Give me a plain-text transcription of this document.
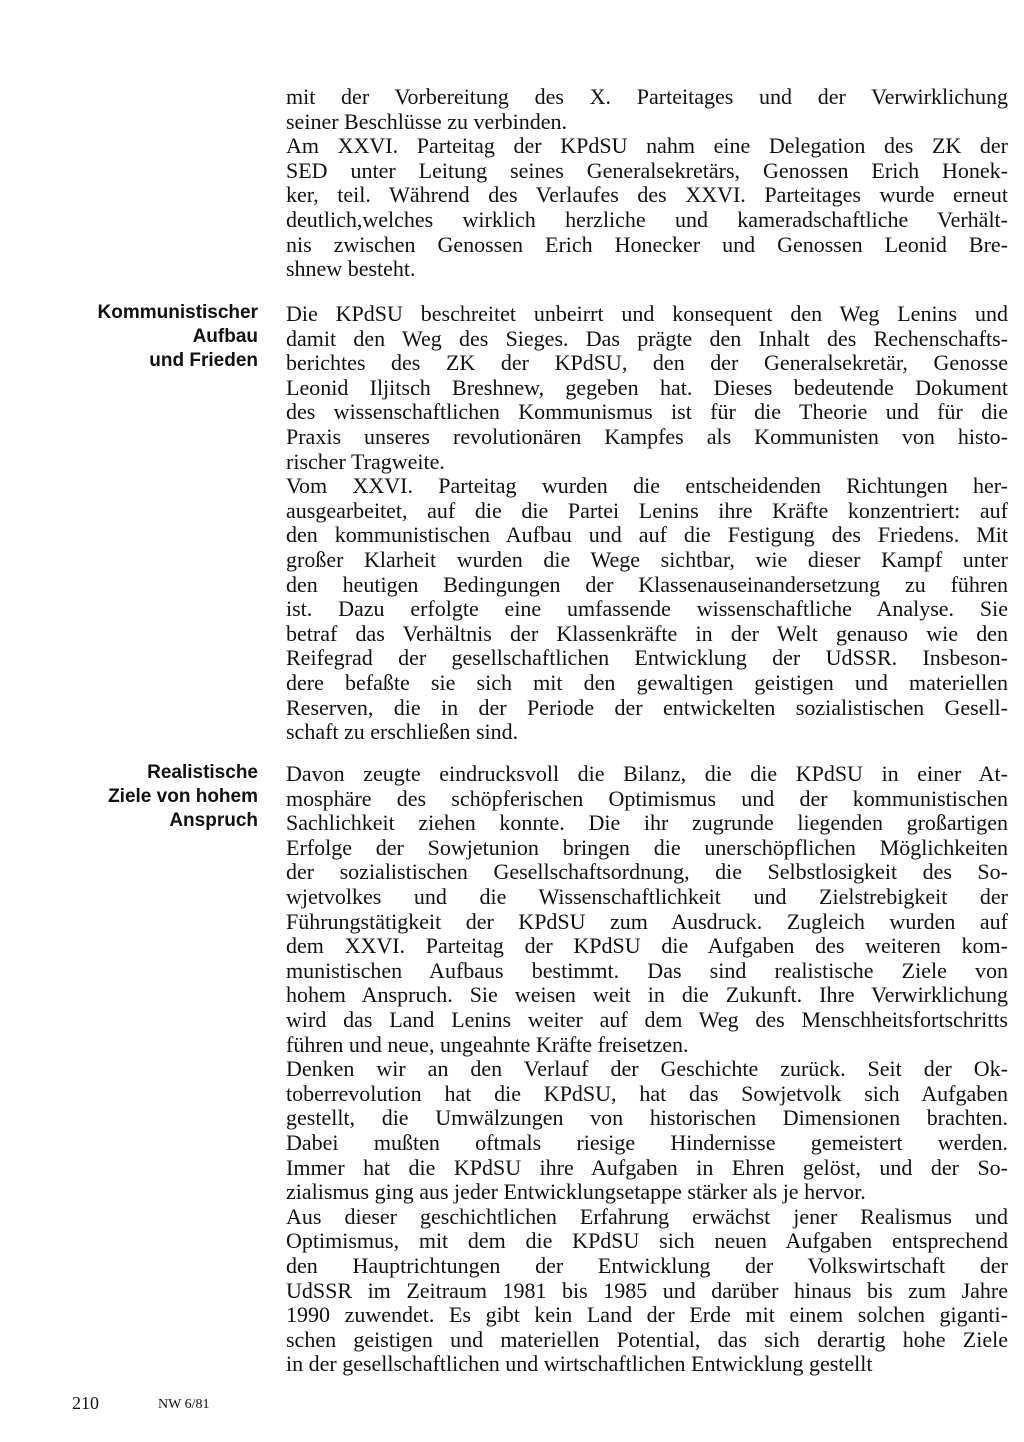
mit der Vorbereitung des X. Parteitages und der Verwirklichung
seiner Beschlüsse zu verbinden.
Am XXVI. Parteitag der KPdSU nahm eine Delegation des ZK der
SED unter Leitung seines Generalsekretärs, Genossen Erich Honek-
ker, teil. Während des Verlaufes des XXVI. Parteitages wurde erneut
deutlich,welches wirklich herzliche und kameradschaftliche Verhält-
nis zwischen Genossen Erich Honecker und Genossen Leonid Bre-
shnew besteht.
Kommunistischer
Aufbau
und Frieden
Die KPdSU beschreitet unbeirrt und konsequent den Weg Lenins und
damit den Weg des Sieges. Das prägte den Inhalt des Rechenschafts-
berichtes des ZK der KPdSU, den der Generalsekretär, Genosse
Leonid Iljitsch Breshnew, gegeben hat. Dieses bedeutende Dokument
des wissenschaftlichen Kommunismus ist für die Theorie und für die
Praxis unseres revolutionären Kampfes als Kommunisten von histo-
rischer Tragweite.
Vom XXVI. Parteitag wurden die entscheidenden Richtungen her-
ausgearbeitet, auf die die Partei Lenins ihre Kräfte konzentriert: auf
den kommunistischen Aufbau und auf die Festigung des Friedens. Mit
großer Klarheit wurden die Wege sichtbar, wie dieser Kampf unter
den heutigen Bedingungen der Klassenauseinandersetzung zu führen
ist. Dazu erfolgte eine umfassende wissenschaftliche Analyse. Sie
betraf das Verhältnis der Klassenkräfte in der Welt genauso wie den
Reifegrad der gesellschaftlichen Entwicklung der UdSSR. Insbeson-
dere befaßte sie sich mit den gewaltigen geistigen und materiellen
Reserven, die in der Periode der entwickelten sozialistischen Gesell-
schaft zu erschließen sind.
Realistische
Ziele von hohem
Anspruch
Davon zeugte eindrucksvoll die Bilanz, die die KPdSU in einer At-
mosphäre des schöpferischen Optimismus und der kommunistischen
Sachlichkeit ziehen konnte. Die ihr zugrunde liegenden großartigen
Erfolge der Sowjetunion bringen die unerschöpflichen Möglichkeiten
der sozialistischen Gesellschaftsordnung, die Selbstlosigkeit des So-
wjetvolkes und die Wissenschaftlichkeit und Zielstrebigkeit der
Führungstätigkeit der KPdSU zum Ausdruck. Zugleich wurden auf
dem XXVI. Parteitag der KPdSU die Aufgaben des weiteren kom-
munistischen Aufbaus bestimmt. Das sind realistische Ziele von
hohem Anspruch. Sie weisen weit in die Zukunft. Ihre Verwirklichung
wird das Land Lenins weiter auf dem Weg des Menschheitsfortschritts
führen und neue, ungeahnte Kräfte freisetzen.
Denken wir an den Verlauf der Geschichte zurück. Seit der Ok-
toberrevolution hat die KPdSU, hat das Sowjetvolk sich Aufgaben
gestellt, die Umwälzungen von historischen Dimensionen brachten.
Dabei mußten oftmals riesige Hindernisse gemeistert werden.
Immer hat die KPdSU ihre Aufgaben in Ehren gelöst, und der So-
zialismus ging aus jeder Entwicklungsetappe stärker als je hervor.
Aus dieser geschichtlichen Erfahrung erwächst jener Realismus und
Optimismus, mit dem die KPdSU sich neuen Aufgaben entsprechend
den Hauptrichtungen der Entwicklung der Volkswirtschaft der
UdSSR im Zeitraum 1981 bis 1985 und darüber hinaus bis zum Jahre
1990 zuwendet. Es gibt kein Land der Erde mit einem solchen giganti-
schen geistigen und materiellen Potential, das sich derartig hohe Ziele
in der gesellschaftlichen und wirtschaftlichen Entwicklung gestellt
210	NW 6/81
